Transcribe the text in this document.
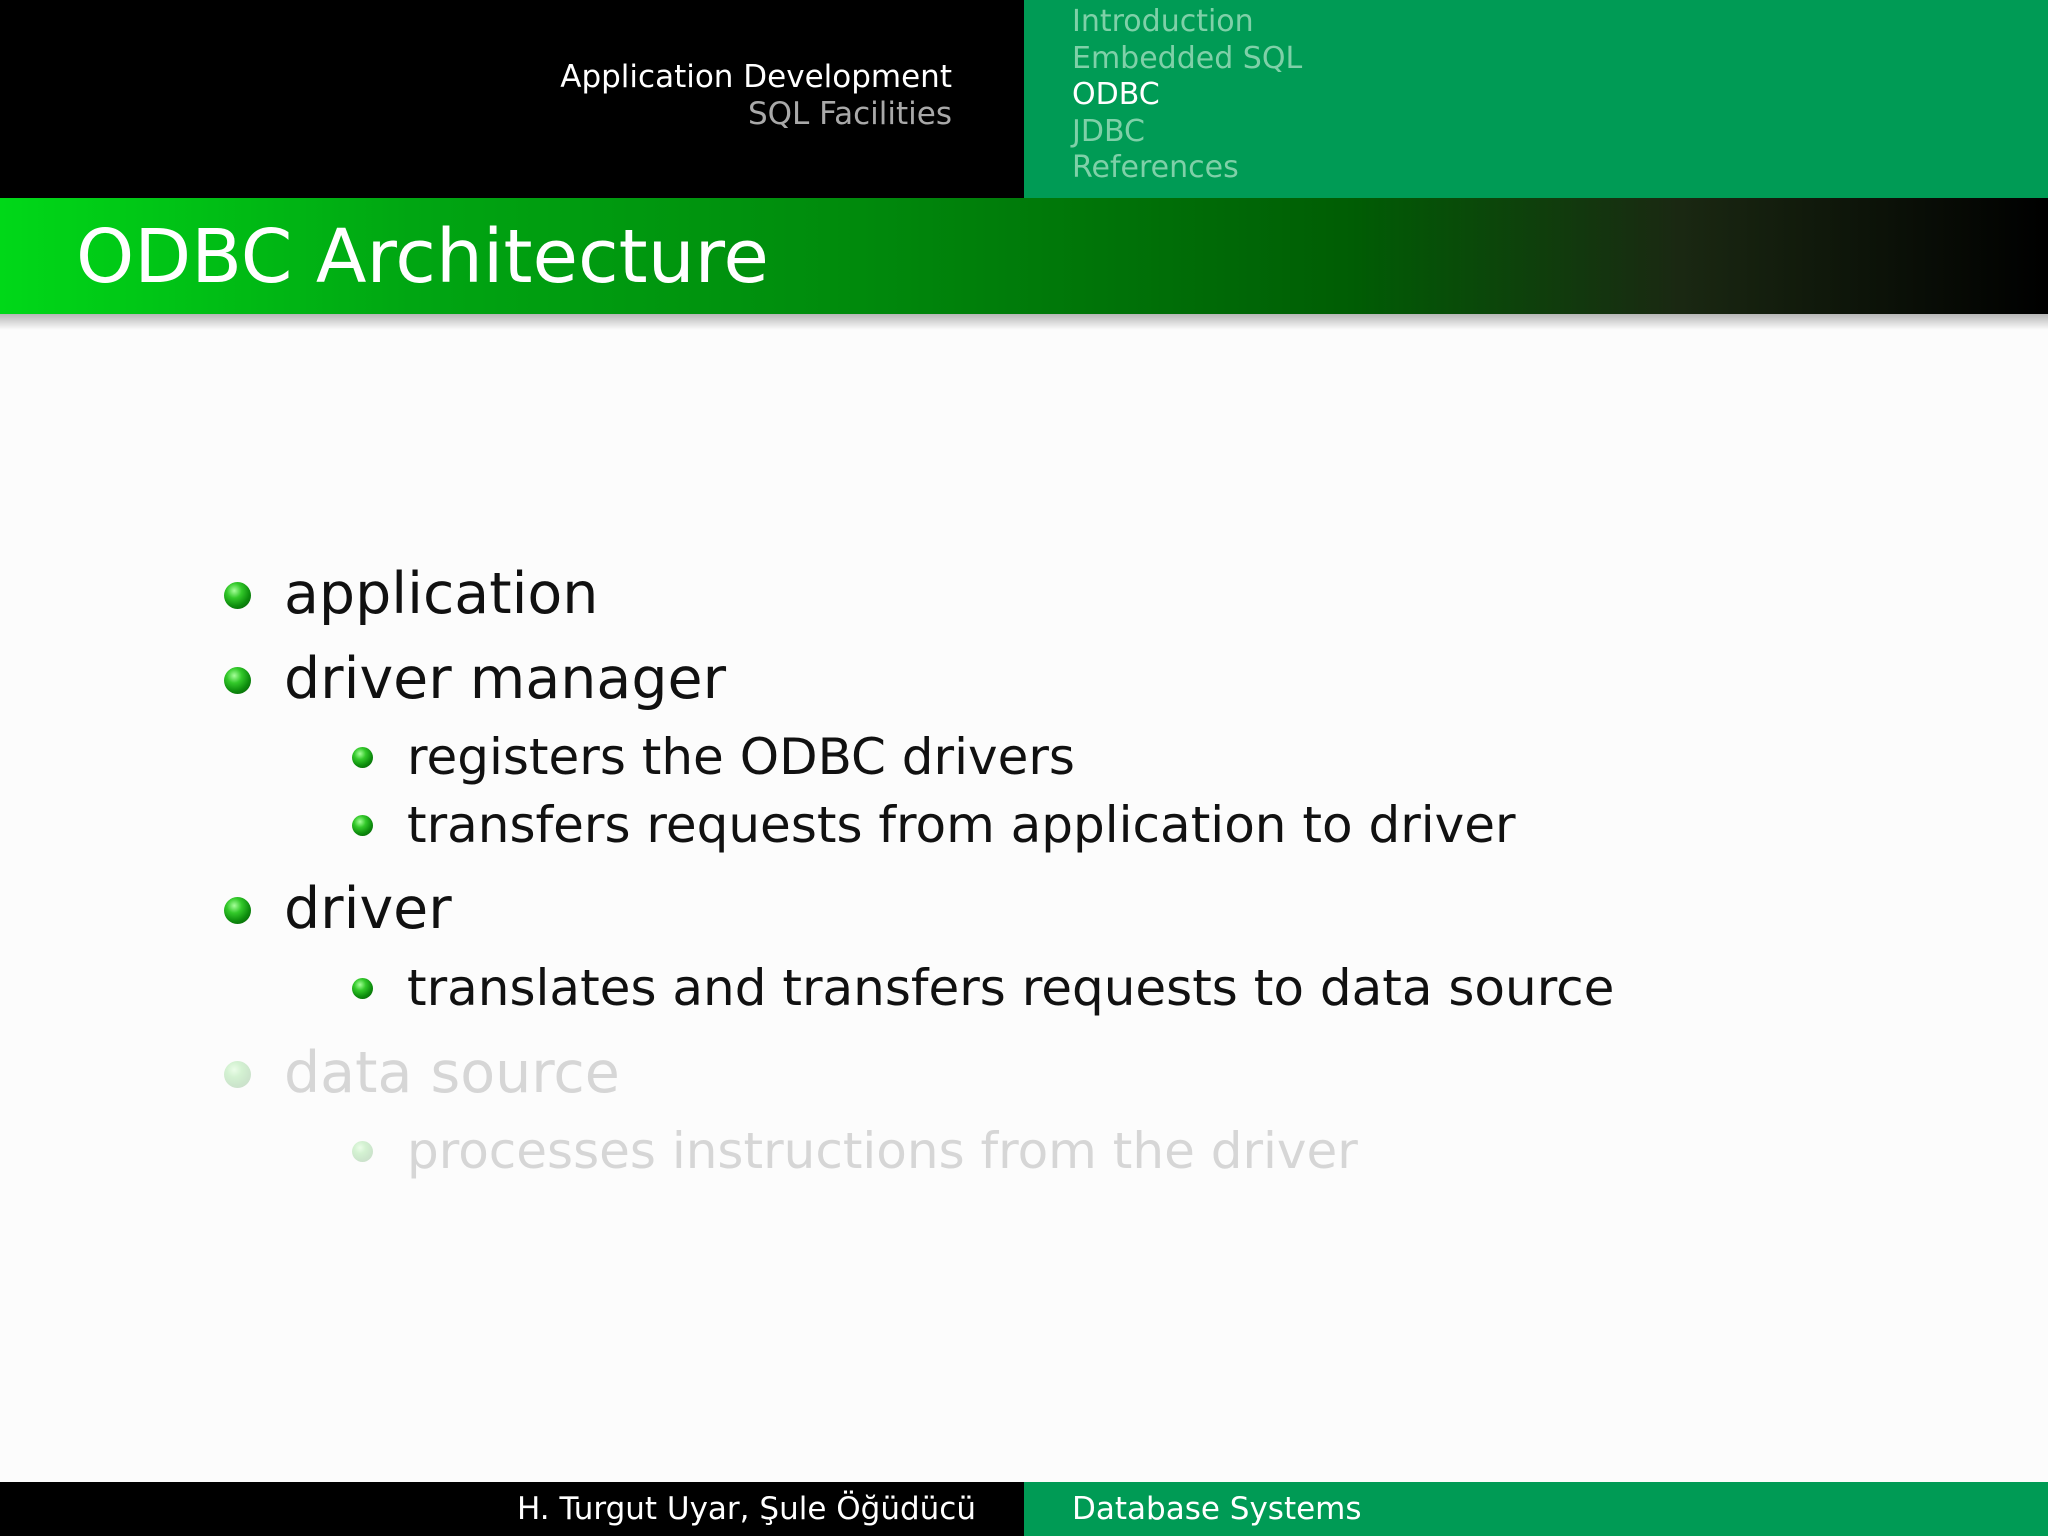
Application Development
SQL Facilities
Introduction
Embedded SQL
ODBC
JDBC
References
ODBC Architecture
application
driver manager
registers the ODBC drivers
transfers requests from application to driver
driver
translates and transfers requests to data source
data source
processes instructions from the driver
H. Turgut Uyar, Şule Öğüdücü	Database Systems
